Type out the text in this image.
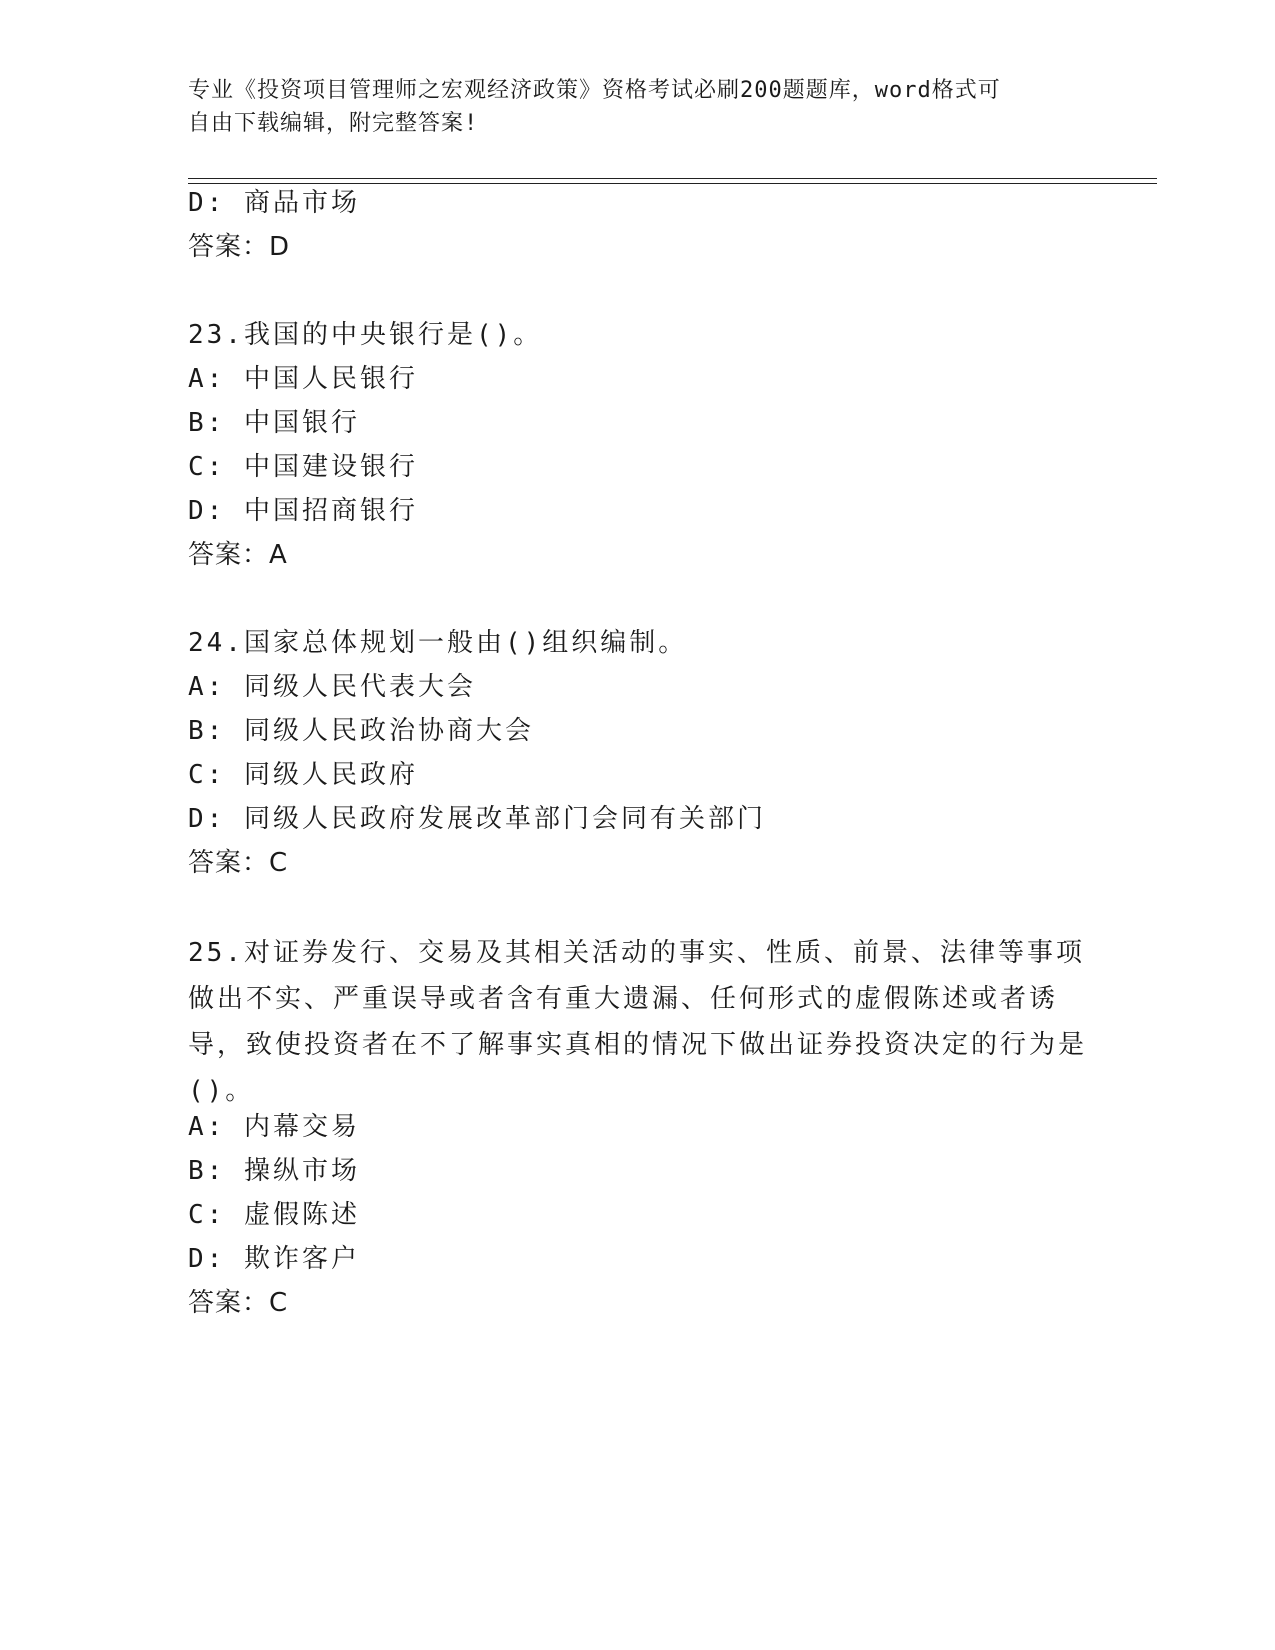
专业《投资项目管理师之宏观经济政策》资格考试必刷200题题库，word格式可
自由下载编辑，附完整答案!
D: 商品市场
答案：D
23.我国的中央银行是()。
A: 中国人民银行
B: 中国银行
C: 中国建设银行
D: 中国招商银行
答案：A
24.国家总体规划一般由()组织编制。
A: 同级人民代表大会
B: 同级人民政治协商大会
C: 同级人民政府
D: 同级人民政府发展改革部门会同有关部门
答案：C
25.对证券发行、交易及其相关活动的事实、性质、前景、法律等事项做出不实、严重误导或者含有重大遗漏、任何形式的虚假陈述或者诱导，致使投资者在不了解事实真相的情况下做出证券投资决定的行为是()。
A: 内幕交易
B: 操纵市场
C: 虚假陈述
D: 欺诈客户
答案：C
